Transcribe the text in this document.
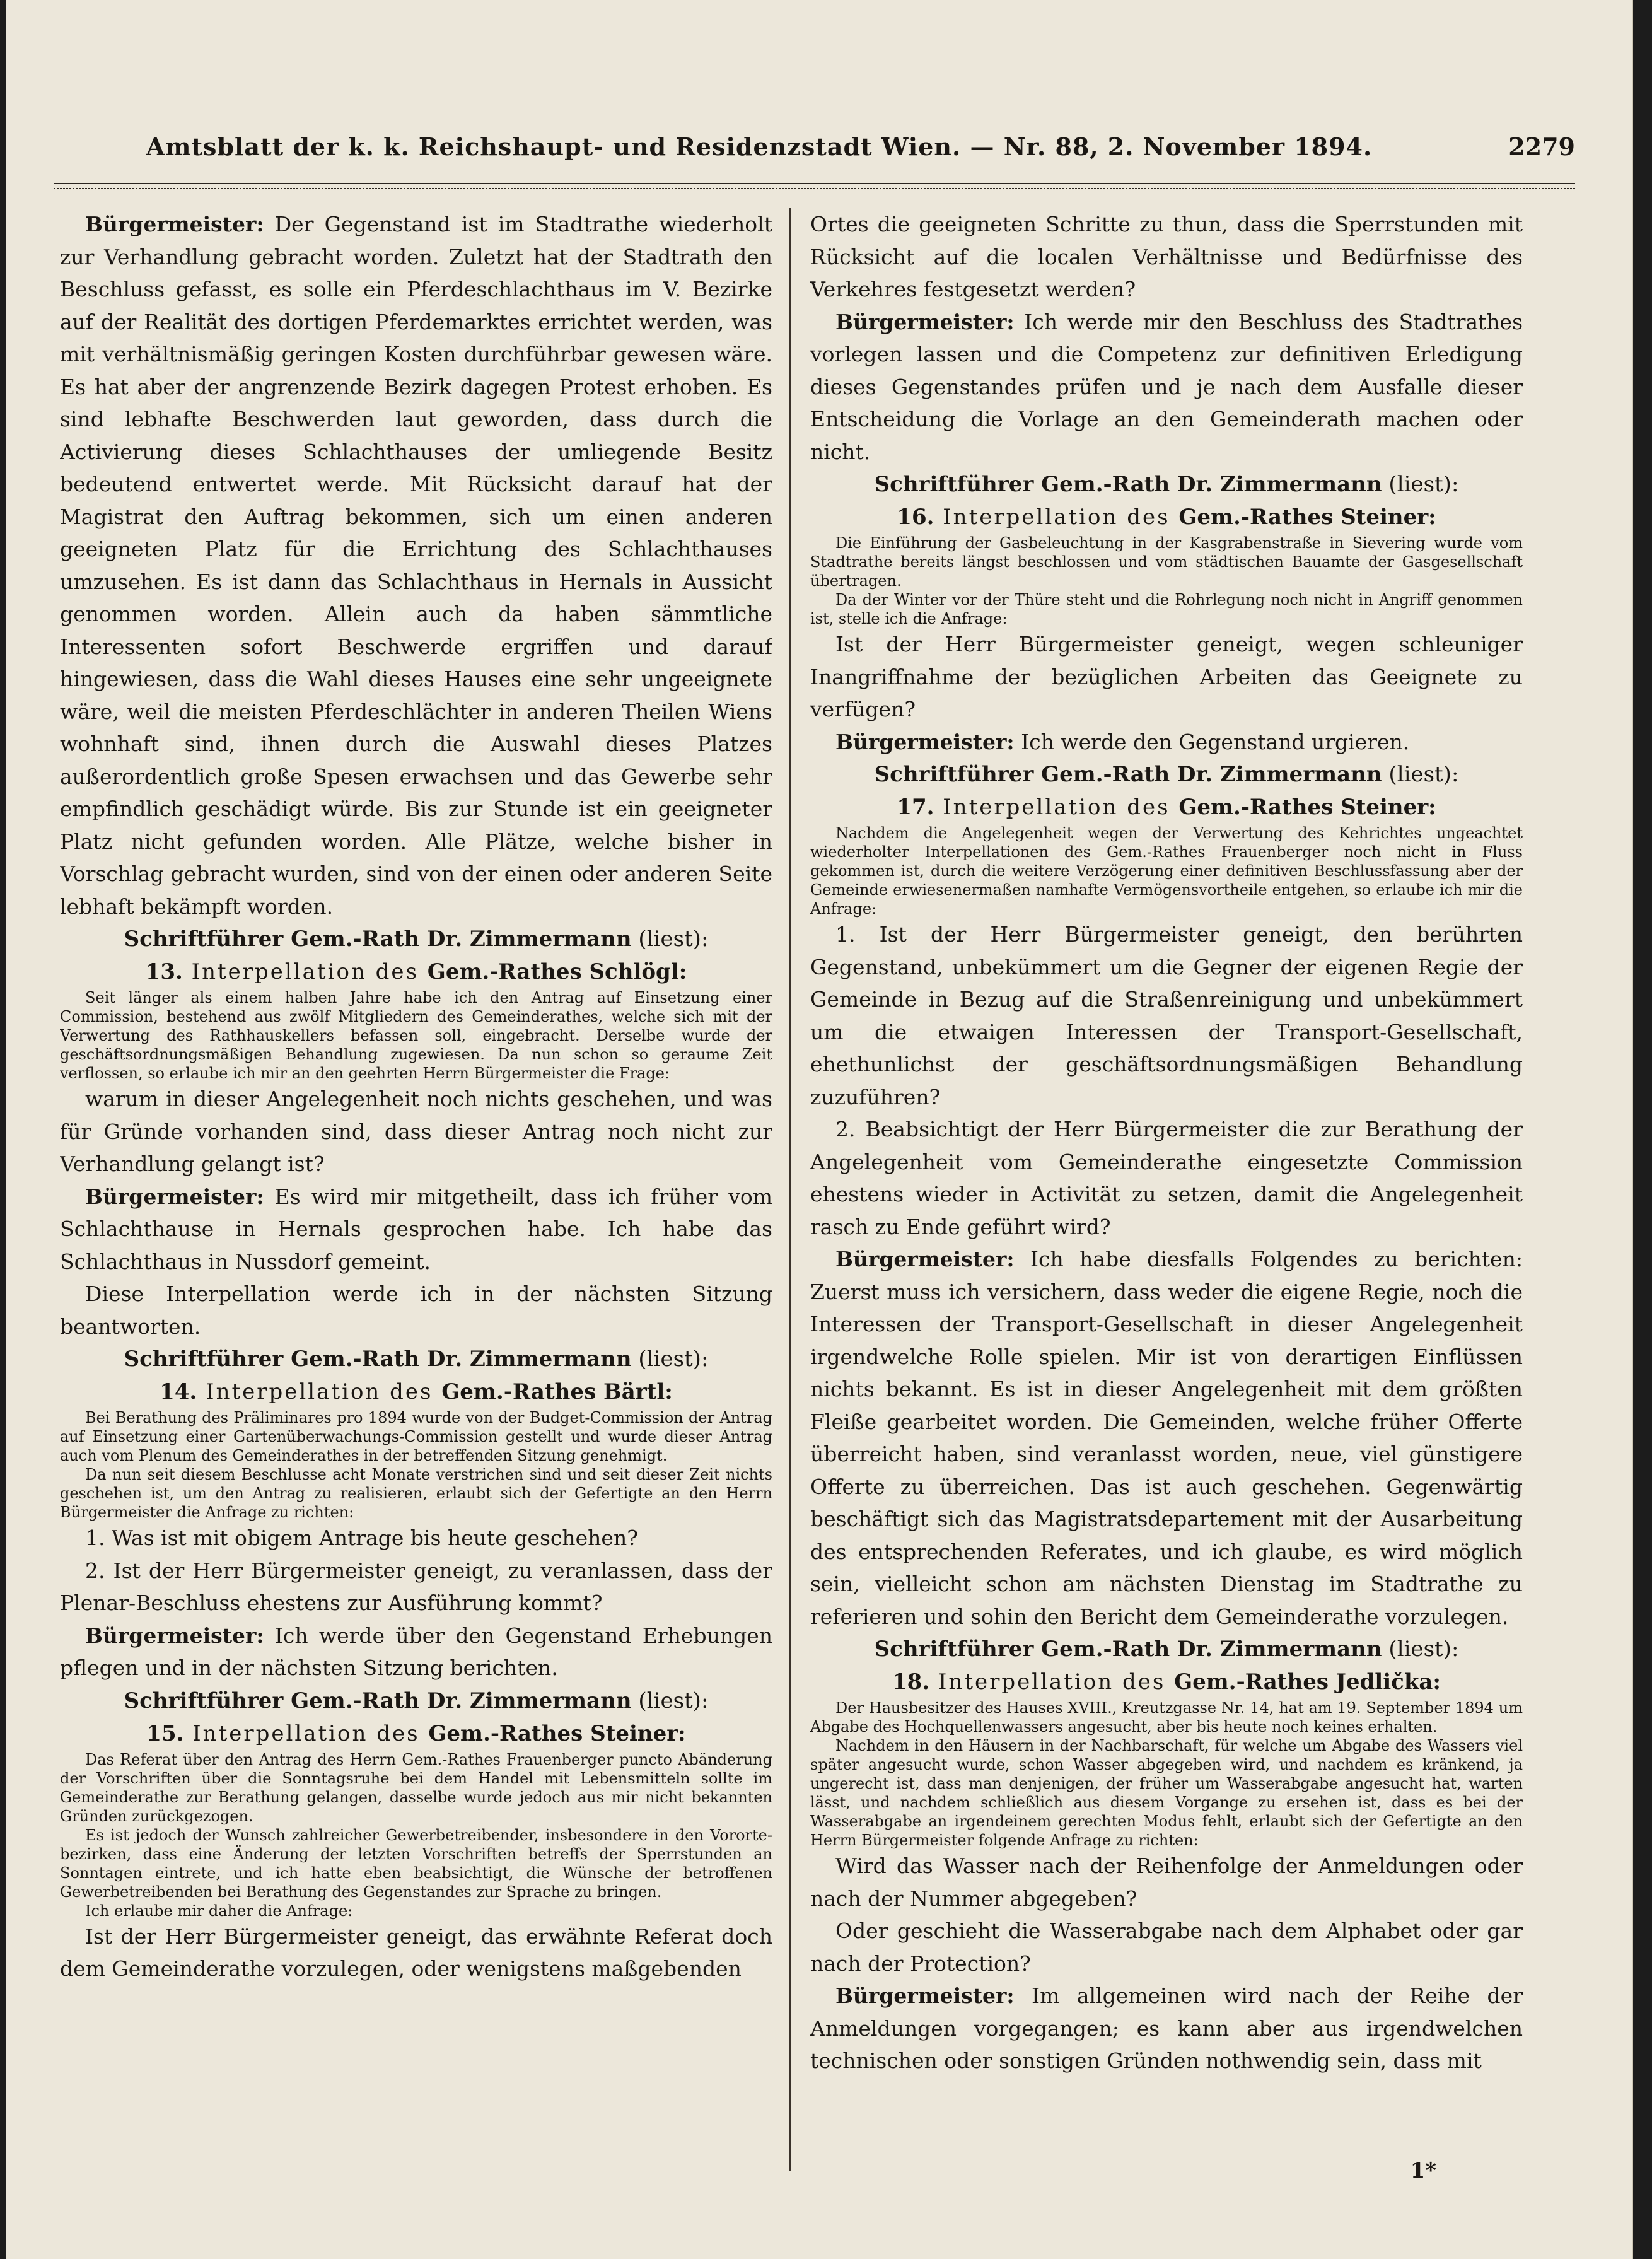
Amtsblatt der k. k. Reichshaupt- und Residenzstadt Wien. — Nr. 88, 2. November 1894.	2279

Bürgermeister: Der Gegenstand ist im Stadtrathe wiederholt zur Verhandlung gebracht worden. Zuletzt hat der Stadtrath den Beschluss gefasst, es solle ein Pferdeschlachthaus im V. Bezirke auf der Realität des dortigen Pferdemarktes errichtet werden, was mit verhältnismäßig geringen Kosten durchführbar gewesen wäre. Es hat aber der angrenzende Bezirk dagegen Protest erhoben. Es sind lebhafte Beschwerden laut geworden, dass durch die Activierung dieses Schlachthauses der umliegende Besitz bedeutend entwertet werde. Mit Rücksicht darauf hat der Magistrat den Auftrag bekommen, sich um einen anderen geeigneten Platz für die Errichtung des Schlachthauses umzusehen. Es ist dann das Schlachthaus in Hernals in Aussicht genommen worden. Allein auch da haben sämmtliche Interessenten sofort Beschwerde ergriffen und darauf hingewiesen, dass die Wahl dieses Hauses eine sehr ungeeignete wäre, weil die meisten Pferdeschlächter in anderen Theilen Wiens wohnhaft sind, ihnen durch die Auswahl dieses Platzes außerordentlich große Spesen erwachsen und das Gewerbe sehr empfindlich geschädigt würde. Bis zur Stunde ist ein geeigneter Platz nicht gefunden worden. Alle Plätze, welche bisher in Vorschlag gebracht wurden, sind von der einen oder anderen Seite lebhaft bekämpft worden.

Schriftführer Gem.-Rath Dr. Zimmermann (liest):

13. Interpellation des Gem.-Rathes Schlögl:

Seit länger als einem halben Jahre habe ich den Antrag auf Einsetzung einer Commission, bestehend aus zwölf Mitgliedern des Gemeinderathes, welche sich mit der Verwertung des Rathhauskellers befassen soll, eingebracht. Derselbe wurde der geschäftsordnungsmäßigen Behandlung zugewiesen. Da nun schon so geraume Zeit verflossen, so erlaube ich mir an den geehrten Herrn Bürgermeister die Frage:

warum in dieser Angelegenheit noch nichts geschehen, und was für Gründe vorhanden sind, dass dieser Antrag noch nicht zur Verhandlung gelangt ist?

Bürgermeister: Es wird mir mitgetheilt, dass ich früher vom Schlachthause in Hernals gesprochen habe. Ich habe das Schlachthaus in Nussdorf gemeint.

Diese Interpellation werde ich in der nächsten Sitzung beantworten.

Schriftführer Gem.-Rath Dr. Zimmermann (liest):

14. Interpellation des Gem.-Rathes Bärtl:

Bei Berathung des Präliminares pro 1894 wurde von der Budget-Commission der Antrag auf Einsetzung einer Gartenüberwachungs-Commission gestellt und wurde dieser Antrag auch vom Plenum des Gemeinderathes in der betreffenden Sitzung genehmigt.

Da nun seit diesem Beschlusse acht Monate verstrichen sind und seit dieser Zeit nichts geschehen ist, um den Antrag zu realisieren, erlaubt sich der Gefertigte an den Herrn Bürgermeister die Anfrage zu richten:

1. Was ist mit obigem Antrage bis heute geschehen?

2. Ist der Herr Bürgermeister geneigt, zu veranlassen, dass der Plenar-Beschluss ehestens zur Ausführung kommt?

Bürgermeister: Ich werde über den Gegenstand Erhebungen pflegen und in der nächsten Sitzung berichten.

Schriftführer Gem.-Rath Dr. Zimmermann (liest):

15. Interpellation des Gem.-Rathes Steiner:

Das Referat über den Antrag des Herrn Gem.-Rathes Frauenberger puncto Abänderung der Vorschriften über die Sonntagsruhe bei dem Handel mit Lebensmitteln sollte im Gemeinderathe zur Berathung gelangen, dasselbe wurde jedoch aus mir nicht bekannten Gründen zurückgezogen.

Es ist jedoch der Wunsch zahlreicher Gewerbetreibender, insbesondere in den Vorortebezirken, dass eine Änderung der letzten Vorschriften betreffs der Sperrstunden an Sonntagen eintrete, und ich hatte eben beabsichtigt, die Wünsche der betroffenen Gewerbetreibenden bei Berathung des Gegenstandes zur Sprache zu bringen.

Ich erlaube mir daher die Anfrage:

Ist der Herr Bürgermeister geneigt, das erwähnte Referat doch dem Gemeinderathe vorzulegen, oder wenigstens maßgebenden

Ortes die geeigneten Schritte zu thun, dass die Sperrstunden mit Rücksicht auf die localen Verhältnisse und Bedürfnisse des Verkehres festgesetzt werden?

Bürgermeister: Ich werde mir den Beschluss des Stadtrathes vorlegen lassen und die Competenz zur definitiven Erledigung dieses Gegenstandes prüfen und je nach dem Ausfalle dieser Entscheidung die Vorlage an den Gemeinderath machen oder nicht.

Schriftführer Gem.-Rath Dr. Zimmermann (liest):

16. Interpellation des Gem.-Rathes Steiner:

Die Einführung der Gasbeleuchtung in der Kasgrabenstraße in Sievering wurde vom Stadtrathe bereits längst beschlossen und vom städtischen Bauamte der Gasgesellschaft übertragen.

Da der Winter vor der Thüre steht und die Rohrlegung noch nicht in Angriff genommen ist, stelle ich die Anfrage:

Ist der Herr Bürgermeister geneigt, wegen schleuniger Inangriffnahme der bezüglichen Arbeiten das Geeignete zu verfügen?

Bürgermeister: Ich werde den Gegenstand urgieren.

Schriftführer Gem.-Rath Dr. Zimmermann (liest):

17. Interpellation des Gem.-Rathes Steiner:

Nachdem die Angelegenheit wegen der Verwertung des Kehrichtes ungeachtet wiederholter Interpellationen des Gem.-Rathes Frauenberger noch nicht in Fluss gekommen ist, durch die weitere Verzögerung einer definitiven Beschlussfassung aber der Gemeinde erwiesenermaßen namhafte Vermögensvortheile entgehen, so erlaube ich mir die Anfrage:

1. Ist der Herr Bürgermeister geneigt, den berührten Gegenstand, unbekümmert um die Gegner der eigenen Regie der Gemeinde in Bezug auf die Straßenreinigung und unbekümmert um die etwaigen Interessen der Transport-Gesellschaft, ehethunlichst der geschäftsordnungsmäßigen Behandlung zuzuführen?

2. Beabsichtigt der Herr Bürgermeister die zur Berathung der Angelegenheit vom Gemeinderathe eingesetzte Commission ehestens wieder in Activität zu setzen, damit die Angelegenheit rasch zu Ende geführt wird?

Bürgermeister: Ich habe diesfalls Folgendes zu berichten: Zuerst muss ich versichern, dass weder die eigene Regie, noch die Interessen der Transport-Gesellschaft in dieser Angelegenheit irgendwelche Rolle spielen. Mir ist von derartigen Einflüssen nichts bekannt. Es ist in dieser Angelegenheit mit dem größten Fleiße gearbeitet worden. Die Gemeinden, welche früher Offerte überreicht haben, sind veranlasst worden, neue, viel günstigere Offerte zu überreichen. Das ist auch geschehen. Gegenwärtig beschäftigt sich das Magistratsdepartement mit der Ausarbeitung des entsprechenden Referates, und ich glaube, es wird möglich sein, vielleicht schon am nächsten Dienstag im Stadtrathe zu referieren und sohin den Bericht dem Gemeinderathe vorzulegen.

Schriftführer Gem.-Rath Dr. Zimmermann (liest):

18. Interpellation des Gem.-Rathes Jedlička:

Der Hausbesitzer des Hauses XVIII., Kreutzgasse Nr. 14, hat am 19. September 1894 um Abgabe des Hochquellenwassers angesucht, aber bis heute noch keines erhalten.

Nachdem in den Häusern in der Nachbarschaft, für welche um Abgabe des Wassers viel später angesucht wurde, schon Wasser abgegeben wird, und nachdem es kränkend, ja ungerecht ist, dass man denjenigen, der früher um Wasserabgabe angesucht hat, warten lässt, und nachdem schließlich aus diesem Vorgange zu ersehen ist, dass es bei der Wasserabgabe an irgendeinem gerechten Modus fehlt, erlaubt sich der Gefertigte an den Herrn Bürgermeister folgende Anfrage zu richten:

Wird das Wasser nach der Reihenfolge der Anmeldungen oder nach der Nummer abgegeben?

Oder geschieht die Wasserabgabe nach dem Alphabet oder gar nach der Protection?

Bürgermeister: Im allgemeinen wird nach der Reihe der Anmeldungen vorgegangen; es kann aber aus irgendwelchen technischen oder sonstigen Gründen nothwendig sein, dass mit

1*
